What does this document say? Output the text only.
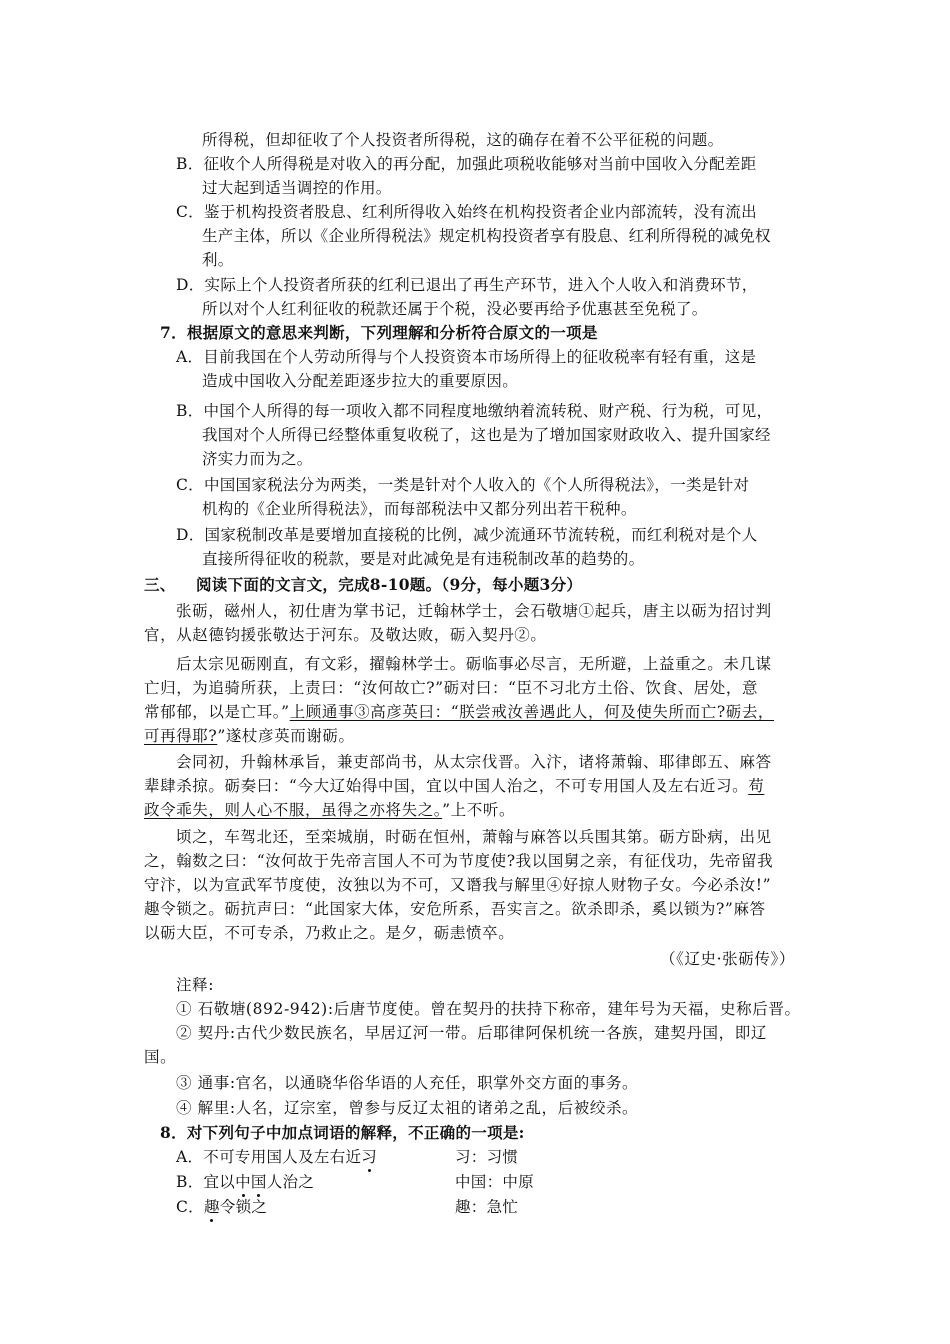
所得税，但却征收了个人投资者所得税，这的确存在着不公平征税的问题。
B．征收个人所得税是对收入的再分配，加强此项税收能够对当前中国收入分配差距
过大起到适当调控的作用。
C．鉴于机构投资者股息、红利所得收入始终在机构投资者企业内部流转，没有流出
生产主体，所以《企业所得税法》规定机构投资者享有股息、红利所得税的减免权
利。
D．实际上个人投资者所获的红利已退出了再生产环节，进入个人收入和消费环节，
所以对个人红利征收的税款还属于个税，没必要再给予优惠甚至免税了。
7．根据原文的意思来判断，下列理解和分析符合原文的一项是
A．目前我国在个人劳动所得与个人投资资本市场所得上的征收税率有轻有重，这是
造成中国收入分配差距逐步拉大的重要原因。
B．中国个人所得的每一项收入都不同程度地缴纳着流转税、财产税、行为税，可见，
我国对个人所得已经整体重复收税了，这也是为了增加国家财政收入、提升国家经
济实力而为之。
C．中国国家税法分为两类，一类是针对个人收入的《个人所得税法》，一类是针对
机构的《企业所得税法》，而每部税法中又都分列出若干税种。
D．国家税制改革是要增加直接税的比例，减少流通环节流转税，而红利税对是个人
直接所得征收的税款，要是对此减免是有违税制改革的趋势的。
三、 阅读下面的文言文，完成8-10题。（9分，每小题3分）
张砺，磁州人，初仕唐为掌书记，迁翰林学士，会石敬塘①起兵，唐主以砺为招讨判
官，从赵德钧援张敬达于河东。及敬达败，砺入契丹②。
后太宗见砺刚直，有文彩，擢翰林学士。砺临事必尽言，无所避，上益重之。未几谋
亡归，为追骑所获，上责曰：“汝何故亡?”砺对曰：“臣不习北方土俗、饮食、居处，意
常郁郁，以是亡耳。”上顾通事③高彦英曰：“朕尝戒汝善遇此人，何及使失所而亡?砺去，
可再得耶?”遂杖彦英而谢砺。
会同初，升翰林承旨，兼吏部尚书，从太宗伐晋。入汴，诸将萧翰、耶律郎五、麻答
辈肆杀掠。砺奏曰：“今大辽始得中国，宜以中国人治之，不可专用国人及左右近习。苟
政令乖失，则人心不服，虽得之亦将失之。”上不听。
顷之，车驾北还，至栾城崩，时砺在恒州，萧翰与麻答以兵围其第。砺方卧病，出见
之，翰数之曰：“汝何故于先帝言国人不可为节度使?我以国舅之亲，有征伐功，先帝留我
守汴，以为宣武军节度使，汝独以为不可，又谮我与解里④好掠人财物子女。今必杀汝!”
趣令锁之。砺抗声曰：“此国家大体，安危所系，吾实言之。欲杀即杀，奚以锁为?”麻答
以砺大臣，不可专杀，乃救止之。是夕，砺恚愤卒。
（《辽史·张砺传》）
注释:
① 石敬塘(892-942):后唐节度使。曾在契丹的扶持下称帝，建年号为天福，史称后晋。
② 契丹:古代少数民族名，早居辽河一带。后耶律阿保机统一各族，建契丹国，即辽
国。
③ 通事:官名，以通晓华俗华语的人充任，职掌外交方面的事务。
④ 解里:人名，辽宗室，曾参与反辽太祖的诸弟之乱，后被绞杀。
8．对下列句子中加点词语的解释，不正确的一项是:
A．不可专用国人及左右近习	习：习惯
B．宜以中国人治之	中国：中原
C．趣令锁之	趣：急忙
